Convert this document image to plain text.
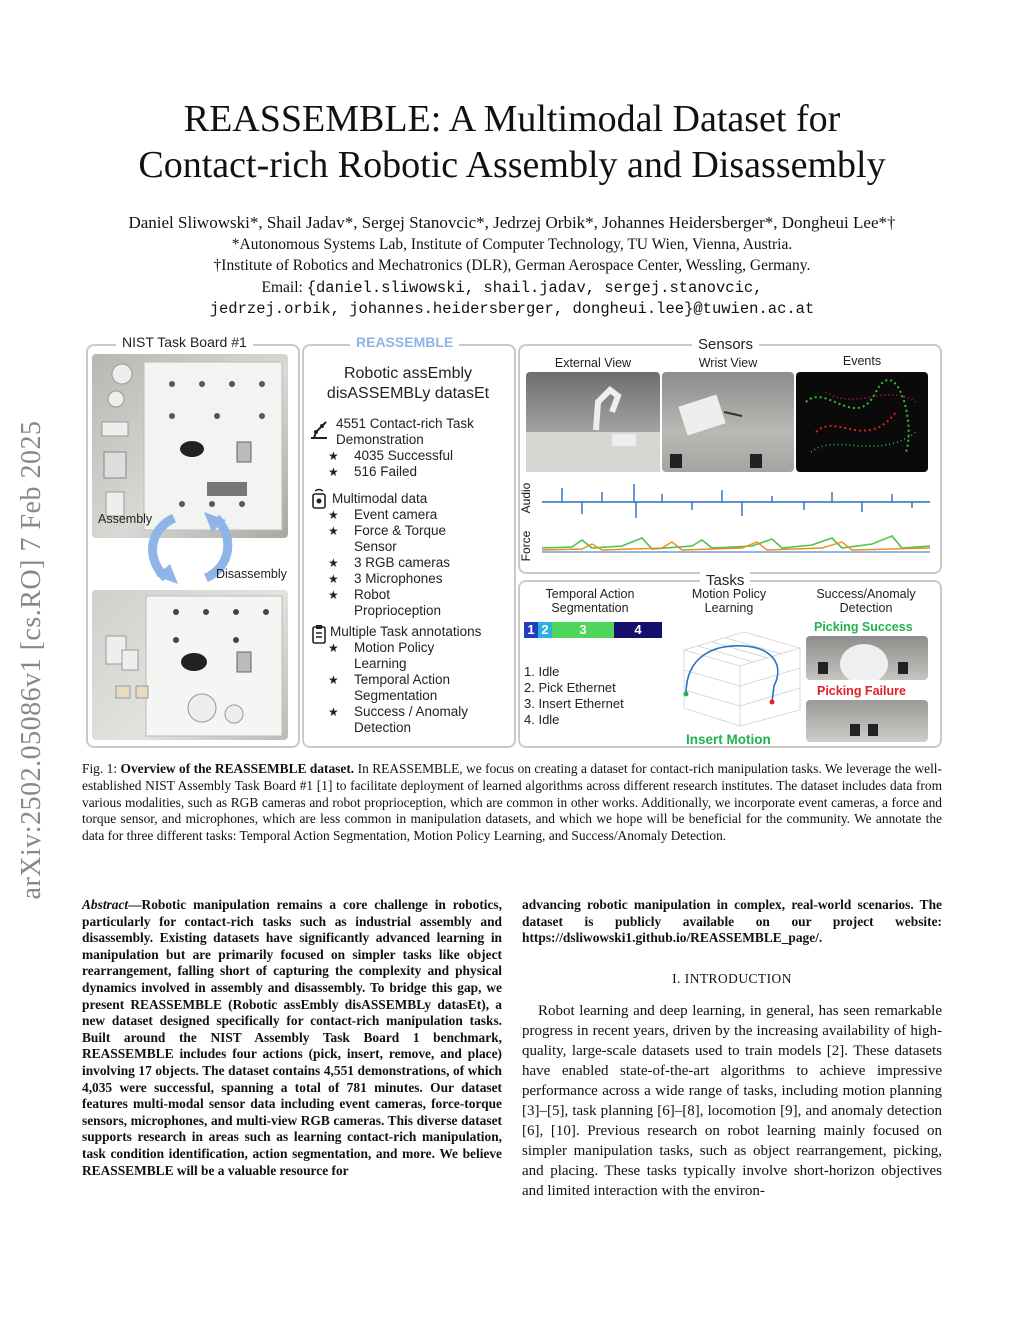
arXiv:2502.05086v1 [cs.RO] 7 Feb 2025
REASSEMBLE: A Multimodal Dataset for
Contact-rich Robotic Assembly and Disassembly
Daniel Sliwowski*, Shail Jadav*, Sergej Stanovcic*, Jedrzej Orbik*, Johannes Heidersberger*, Dongheui Lee*†
*Autonomous Systems Lab, Institute of Computer Technology, TU Wien, Vienna, Austria.
†Institute of Robotics and Mechatronics (DLR), German Aerospace Center, Wessling, Germany.
Email: {daniel.sliwowski, shail.jadav, sergej.stanovcic,
jedrzej.orbik, johannes.heidersberger, dongheui.lee}@tuwien.ac.at
NIST Task Board #1
Assembly
Disassembly
REASSEMBLE
Robotic assEmbly
disASSEMBLy datasEt
4551 Contact-rich Task Demonstration
★ 4035 Successful
★ 516 Failed
Multimodal data
★ Event camera
★ Force & Torque Sensor
★ 3 RGB cameras
★ 3 Microphones
★ Robot Proprioception
Multiple Task annotations
★ Motion Policy Learning
★ Temporal Action Segmentation
★ Success / Anomaly Detection
Sensors
External View	Wrist View	Events
Audio
Force
Tasks
Temporal Action Segmentation
Motion Policy Learning
Success/Anomaly Detection
1 2	3	4
1. Idle
2. Pick Ethernet
3. Insert Ethernet
4. Idle
Insert Motion
Picking Success
Picking Failure
Fig. 1: Overview of the REASSEMBLE dataset. In REASSEMBLE, we focus on creating a dataset for contact-rich manipulation tasks. We leverage the well-established NIST Assembly Task Board #1 [1] to facilitate deployment of learned algorithms across different research institutes. The dataset includes data from various modalities, such as RGB cameras and robot proprioception, which are common in other works. Additionally, we incorporate event cameras, a force and torque sensor, and microphones, which are less common in manipulation datasets, and which we hope will be beneficial for the community. We annotate the data for three different tasks: Temporal Action Segmentation, Motion Policy Learning, and Success/Anomaly Detection.
Abstract—Robotic manipulation remains a core challenge in robotics, particularly for contact-rich tasks such as industrial assembly and disassembly. Existing datasets have significantly advanced learning in manipulation but are primarily focused on simpler tasks like object rearrangement, falling short of capturing the complexity and physical dynamics involved in assembly and disassembly. To bridge this gap, we present REASSEMBLE (Robotic assEmbly disASSEMBLy datasEt), a new dataset designed specifically for contact-rich manipulation tasks. Built around the NIST Assembly Task Board 1 benchmark, REASSEMBLE includes four actions (pick, insert, remove, and place) involving 17 objects. The dataset contains 4,551 demonstrations, of which 4,035 were successful, spanning a total of 781 minutes. Our dataset features multi-modal sensor data including event cameras, force-torque sensors, microphones, and multi-view RGB cameras. This diverse dataset supports research in areas such as learning contact-rich manipulation, task condition identification, action segmentation, and more. We believe REASSEMBLE will be a valuable resource for
advancing robotic manipulation in complex, real-world scenarios. The dataset is publicly available on our project website: https://dsliwowski1.github.io/REASSEMBLE_page/.
I. INTRODUCTION
Robot learning and deep learning, in general, has seen remarkable progress in recent years, driven by the increasing availability of high-quality, large-scale datasets used to train models [2]. These datasets have enabled state-of-the-art algorithms to achieve impressive performance across a wide range of tasks, including motion planning [3]–[5], task planning [6]–[8], locomotion [9], and anomaly detection [6], [10]. Previous research on robot learning mainly focused on simpler manipulation tasks, such as object rearrangement, picking, and placing. These tasks typically involve short-horizon objectives and limited interaction with the environ-
